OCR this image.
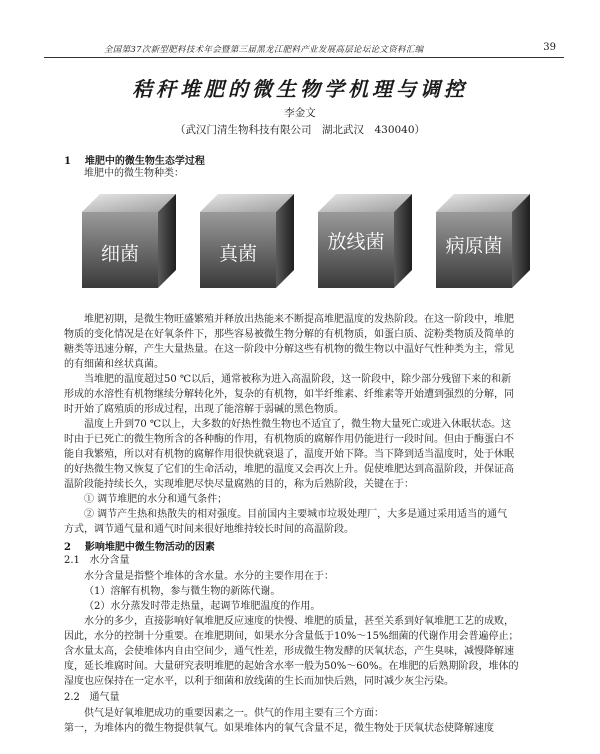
全国第37次新型肥料技术年会暨第三届黑龙江肥料产业发展高层论坛论文资料汇编	39
秸秆堆肥的微生物学机理与调控
李金文
（武汉门清生物科技有限公司　湖北武汉　430040）
1 堆肥中的微生物生态学过程
堆肥中的微生物种类：
细菌	真菌
放线菌	病原菌
堆肥初期，是微生物旺盛繁殖并释放出热能来不断提高堆肥温度的发热阶段。在这一阶段中，堆肥
物质的变化情况是在好氧条件下，那些容易被微生物分解的有机物质，如蛋白质、淀粉类物质及简单的
糖类等迅速分解，产生大量热量。在这一阶段中分解这些有机物的微生物以中温好气性种类为主，常见
的有细菌和丝状真菌。
当堆肥的温度超过50 ℃以后，通常被称为进入高温阶段，这一阶段中，除少部分残留下来的和新
形成的水溶性有机物继续分解转化外，复杂的有机物，如半纤维素、纤维素等开始遭到强烈的分解，同
时开始了腐殖质的形成过程，出现了能溶解于弱碱的黑色物质。
温度上升到70 ℃以上，大多数的好热性微生物也不适宜了，微生物大量死亡或进入休眠状态。这
时由于已死亡的微生物所含的各种酶的作用，有机物质的腐解作用仍能进行一段时间。但由于酶蛋白不
能自我繁殖，所以对有机物的腐解作用很快就衰退了，温度开始下降。当下降到适当温度时，处于休眠
的好热微生物又恢复了它们的生命活动，堆肥的温度又会再次上升。促使堆肥达到高温阶段，并保证高
温阶段能持续长久，实现堆肥尽快尽量腐熟的目的，称为后熟阶段，关键在于：
① 调节堆肥的水分和通气条件；
② 调节产生热和热散失的相对强度。目前国内主要城市垃圾处理厂，大多是通过采用适当的通气
方式，调节通气量和通气时间来很好地维持较长时间的高温阶段。
2 影响堆肥中微生物活动的因素
2.1 水分含量
水分含量是指整个堆体的含水量。水分的主要作用在于：
（1）溶解有机物，参与微生物的新陈代谢。
（2）水分蒸发时带走热量，起调节堆肥温度的作用。
水分的多少，直接影响好氧堆肥反应速度的快慢、堆肥的质量，甚至关系到好氧堆肥工艺的成败，
因此，水分的控制十分重要。在堆肥期间，如果水分含量低于10%～15%细菌的代谢作用会普遍停止；
含水量太高，会使堆体内自由空间少，通气性差，形成微生物发酵的厌氧状态，产生臭味，减慢降解速
度，延长堆腐时间。大量研究表明堆肥的起始含水率一般为50%～60%。在堆肥的后熟期阶段，堆体的
湿度也应保持在一定水平，以利于细菌和放线菌的生长而加快后熟，同时减少灰尘污染。
2.2 通气量
供气是好氧堆肥成功的重要因素之一。供气的作用主要有三个方面：
第一，为堆体内的微生物提供氧气。如果堆体内的氧气含量不足，微生物处于厌氧状态使降解速度
